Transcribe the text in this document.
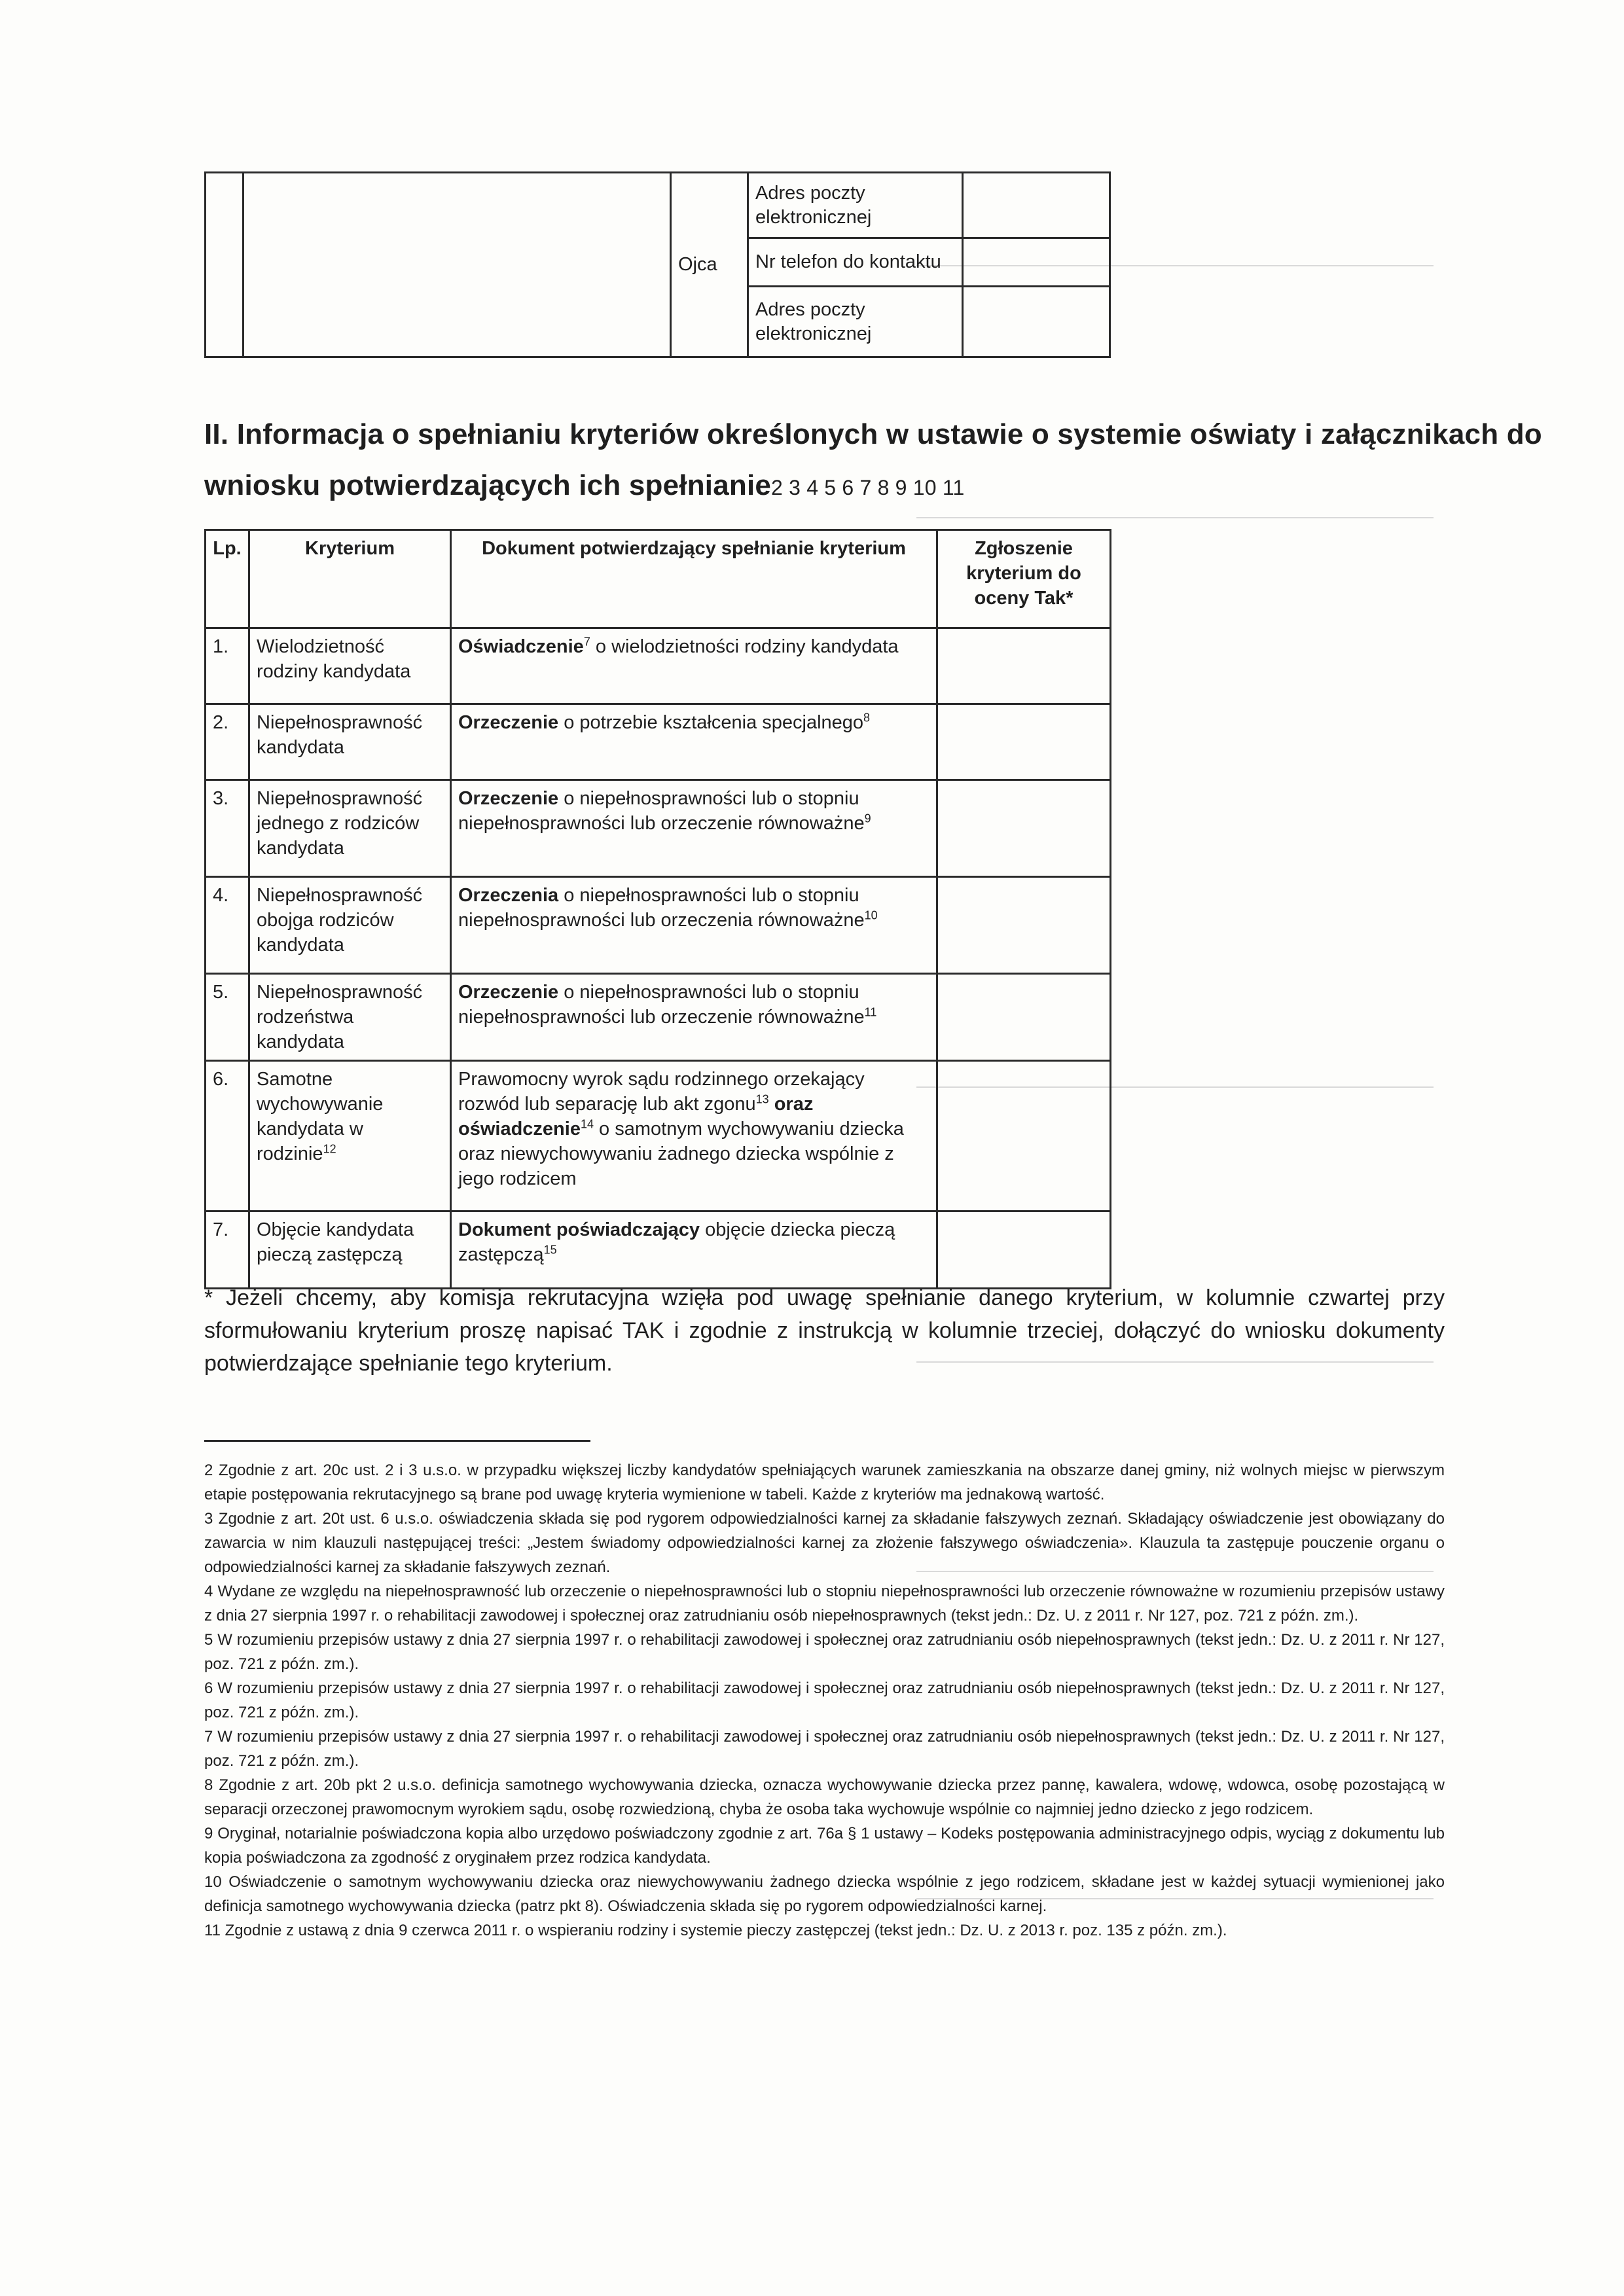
		Ojca	Adres poczty elektronicznej	
			Nr telefon do kontaktu	
			Adres poczty elektronicznej	
II. Informacja o spełnianiu kryteriów określonych w ustawie o systemie oświaty i załącznikach do
wniosku potwierdzających ich spełnianie2 3 4 5 6 7 8 9 10 11
Lp.	Kryterium	Dokument potwierdzający spełnianie kryterium	Zgłoszenie kryterium do oceny Tak*
1.	Wielodzietność rodziny kandydata	Oświadczenie$^7$ o wielodzietności rodziny kandydata	
2.	Niepełnosprawność kandydata	Orzeczenie o potrzebie kształcenia specjalnego$^8$	
3.	Niepełnosprawność jednego z rodziców kandydata	Orzeczenie o niepełnosprawności lub o stopniu niepełnosprawności lub orzeczenie równoważne$^9$	
4.	Niepełnosprawność obojga rodziców kandydata	Orzeczenia o niepełnosprawności lub o stopniu niepełnosprawności lub orzeczenia równoważne$^{10}$	
5.	Niepełnosprawność rodzeństwa kandydata	Orzeczenie o niepełnosprawności lub o stopniu niepełnosprawności lub orzeczenie równoważne$^{11}$	
6.	Samotne wychowywanie kandydata w rodzinie$^{12}$	Prawomocny wyrok sądu rodzinnego orzekający rozwód lub separację lub akt zgonu$^{13}$ oraz oświadczenie$^{14}$ o samotnym wychowywaniu dziecka oraz niewychowywaniu żadnego dziecka wspólnie z jego rodzicem	
7.	Objęcie kandydata pieczą zastępczą	Dokument poświadczający objęcie dziecka pieczą zastępczą$^{15}$	
* Jeżeli chcemy, aby komisja rekrutacyjna wzięła pod uwagę spełnianie danego kryterium, w kolumnie czwartej przy sformułowaniu kryterium proszę napisać TAK i zgodnie z instrukcją w kolumnie trzeciej, dołączyć do wniosku dokumenty potwierdzające spełnianie tego kryterium.

2 Zgodnie z art. 20c ust. 2 i 3 u.s.o. w przypadku większej liczby kandydatów spełniających warunek zamieszkania na obszarze danej gminy, niż wolnych miejsc w pierwszym etapie postępowania rekrutacyjnego są brane pod uwagę kryteria wymienione w tabeli. Każde z kryteriów ma jednakową wartość.

3 Zgodnie z art. 20t ust. 6 u.s.o. oświadczenia składa się pod rygorem odpowiedzialności karnej za składanie fałszywych zeznań. Składający oświadczenie jest obowiązany do zawarcia w nim klauzuli następującej treści: „Jestem świadomy odpowiedzialności karnej za złożenie fałszywego oświadczenia». Klauzula ta zastępuje pouczenie organu o odpowiedzialności karnej za składanie fałszywych zeznań.

4 Wydane ze względu na niepełnosprawność lub orzeczenie o niepełnosprawności lub o stopniu niepełnosprawności lub orzeczenie równoważne w rozumieniu przepisów ustawy z dnia 27 sierpnia 1997 r. o rehabilitacji zawodowej i społecznej oraz zatrudnianiu osób niepełnosprawnych (tekst jedn.: Dz. U. z 2011 r. Nr 127, poz. 721 z późn. zm.).

5 W rozumieniu przepisów ustawy z dnia 27 sierpnia 1997 r. o rehabilitacji zawodowej i społecznej oraz zatrudnianiu osób niepełnosprawnych (tekst jedn.: Dz. U. z 2011 r. Nr 127, poz. 721 z późn. zm.).

6 W rozumieniu przepisów ustawy z dnia 27 sierpnia 1997 r. o rehabilitacji zawodowej i społecznej oraz zatrudnianiu osób niepełnosprawnych (tekst jedn.: Dz. U. z 2011 r. Nr 127, poz. 721 z późn. zm.).

7 W rozumieniu przepisów ustawy z dnia 27 sierpnia 1997 r. o rehabilitacji zawodowej i społecznej oraz zatrudnianiu osób niepełnosprawnych (tekst jedn.: Dz. U. z 2011 r. Nr 127, poz. 721 z późn. zm.).

8 Zgodnie z art. 20b pkt 2 u.s.o. definicja samotnego wychowywania dziecka, oznacza wychowywanie dziecka przez pannę, kawalera, wdowę, wdowca, osobę pozostającą w separacji orzeczonej prawomocnym wyrokiem sądu, osobę rozwiedzioną, chyba że osoba taka wychowuje wspólnie co najmniej jedno dziecko z jego rodzicem.

9 Oryginał, notarialnie poświadczona kopia albo urzędowo poświadczony zgodnie z art. 76a § 1 ustawy – Kodeks postępowania administracyjnego odpis, wyciąg z dokumentu lub kopia poświadczona za zgodność z oryginałem przez rodzica kandydata.

10 Oświadczenie o samotnym wychowywaniu dziecka oraz niewychowywaniu żadnego dziecka wspólnie z jego rodzicem, składane jest w każdej sytuacji wymienionej jako definicja samotnego wychowywania dziecka (patrz pkt 8). Oświadczenia składa się po rygorem odpowiedzialności karnej.

11 Zgodnie z ustawą z dnia 9 czerwca 2011 r. o wspieraniu rodziny i systemie pieczy zastępczej (tekst jedn.: Dz. U. z 2013 r. poz. 135 z późn. zm.).
